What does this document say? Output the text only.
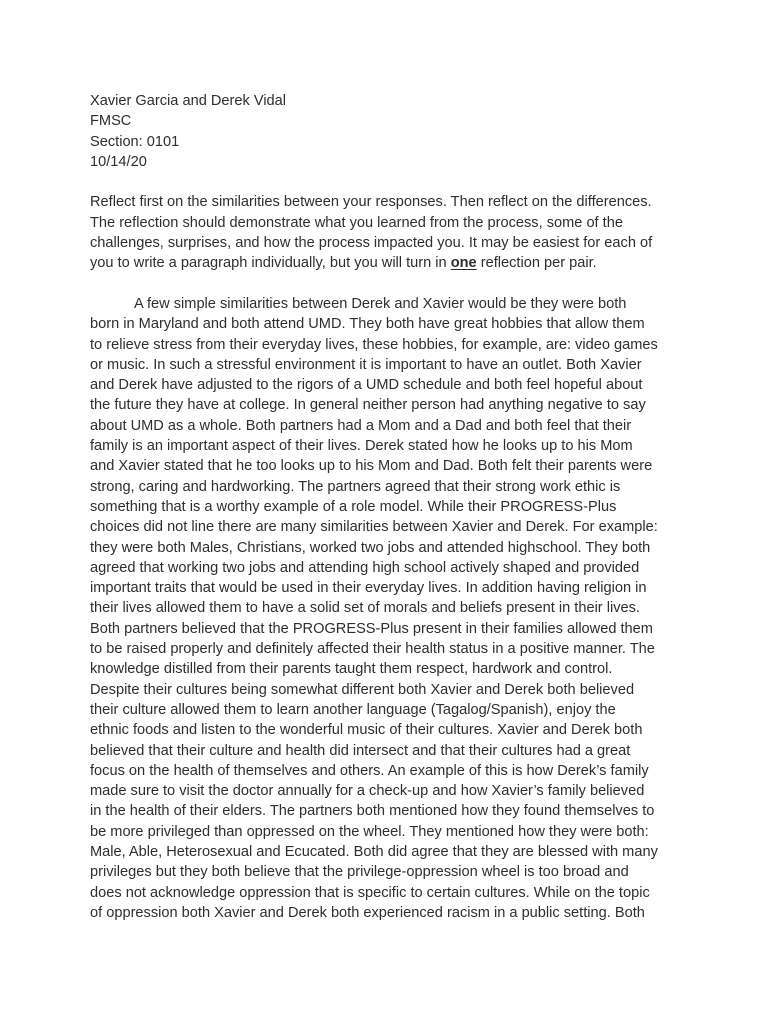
Xavier Garcia and Derek Vidal
FMSC
Section: 0101
10/14/20
Reflect first on the similarities between your responses. Then reflect on the differences.
The reflection should demonstrate what you learned from the process, some of the
challenges, surprises, and how the process impacted you. It may be easiest for each of
you to write a paragraph individually, but you will turn in one reflection per pair.
A few simple similarities between Derek and Xavier would be they were both
born in Maryland and both attend UMD. They both have great hobbies that allow them
to relieve stress from their everyday lives, these hobbies, for example, are: video games
or music. In such a stressful environment it is important to have an outlet. Both Xavier
and Derek have adjusted to the rigors of a UMD schedule and both feel hopeful about
the future they have at college. In general neither person had anything negative to say
about UMD as a whole. Both partners had a Mom and a Dad and both feel that their
family is an important aspect of their lives. Derek stated how he looks up to his Mom
and Xavier stated that he too looks up to his Mom and Dad. Both felt their parents were
strong, caring and hardworking. The partners agreed that their strong work ethic is
something that is a worthy example of a role model. While their PROGRESS-Plus
choices did not line there are many similarities between Xavier and Derek. For example:
they were both Males, Christians, worked two jobs and attended highschool. They both
agreed that working two jobs and attending high school actively shaped and provided
important traits that would be used in their everyday lives. In addition having religion in
their lives allowed them to have a solid set of morals and beliefs present in their lives.
Both partners believed that the PROGRESS-Plus present in their families allowed them
to be raised properly and definitely affected their health status in a positive manner. The
knowledge distilled from their parents taught them respect, hardwork and control.
Despite their cultures being somewhat different both Xavier and Derek both believed
their culture allowed them to learn another language (Tagalog/Spanish), enjoy the
ethnic foods and listen to the wonderful music of their cultures. Xavier and Derek both
believed that their culture and health did intersect and that their cultures had a great
focus on the health of themselves and others. An example of this is how Derek’s family
made sure to visit the doctor annually for a check-up and how Xavier’s family believed
in the health of their elders. The partners both mentioned how they found themselves to
be more privileged than oppressed on the wheel. They mentioned how they were both:
Male, Able, Heterosexual and Ecucated. Both did agree that they are blessed with many
privileges but they both believe that the privilege-oppression wheel is too broad and
does not acknowledge oppression that is specific to certain cultures. While on the topic
of oppression both Xavier and Derek both experienced racism in a public setting. Both
